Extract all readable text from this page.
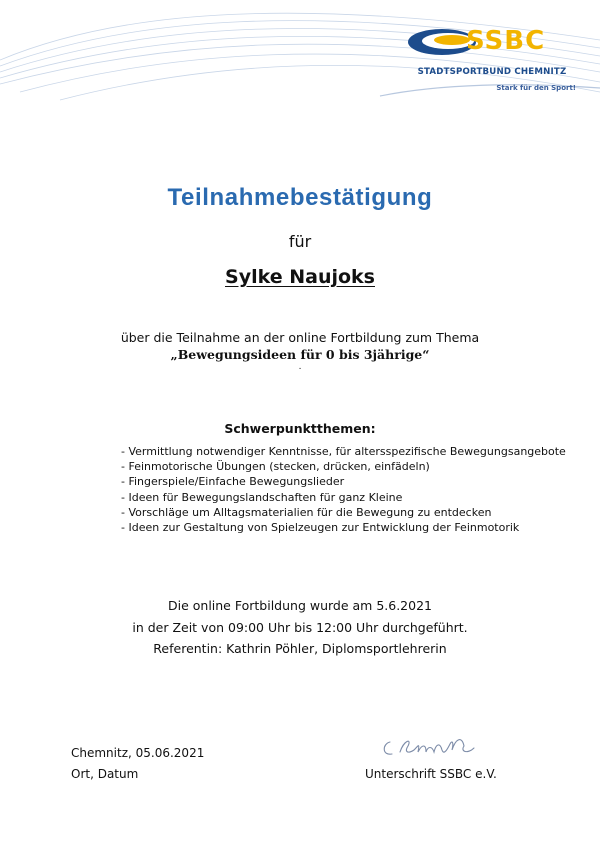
SSBC
STADTSPORTBUND CHEMNITZ
Stark für den Sport!
Teilnahmebestätigung
für
Sylke Naujoks
über die Teilnahme an der online Fortbildung zum Thema
„Bewegungsideen für 0 bis 3jährige“
.
Schwerpunktthemen:
- Vermittlung notwendiger Kenntnisse, für altersspezifische Bewegungsangebote
- Feinmotorische Übungen (stecken, drücken, einfädeln)
- Fingerspiele/Einfache Bewegungslieder
- Ideen für Bewegungslandschaften für ganz Kleine
- Vorschläge um Alltagsmaterialien für die Bewegung zu entdecken
- Ideen zur Gestaltung von Spielzeugen zur Entwicklung der Feinmotorik
Die online Fortbildung wurde am 5.6.2021
in der Zeit von 09:00 Uhr bis 12:00 Uhr durchgeführt.
Referentin: Kathrin Pöhler, Diplomsportlehrerin
Chemnitz, 05.06.2021
Ort, Datum	Unterschrift SSBC e.V.
